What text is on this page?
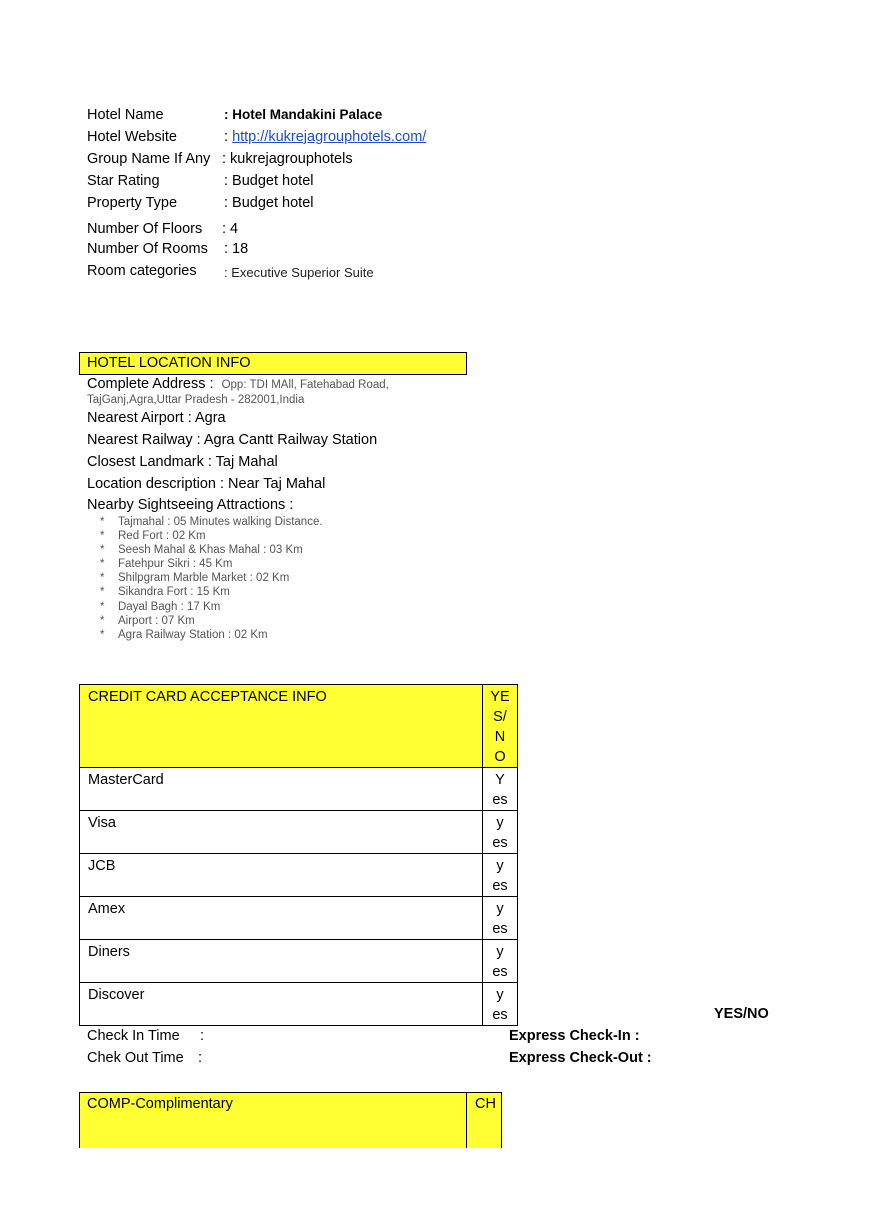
Hotel Name	: Hotel Mandakini Palace
Hotel Website	: http://kukrejagrouphotels.com/
Group Name If Any : kukrejagrouphotels
Star Rating	: Budget hotel
Property Type	: Budget hotel
Number Of Floors : 4
Number Of Rooms : 18
Room categories : Executive Superior Suite
HOTEL LOCATION INFO
Complete Address : Opp: TDI MAll, Fatehabad Road,
TajGanj,Agra,Uttar Pradesh - 282001,India
Nearest Airport : Agra
Nearest Railway : Agra Cantt Railway Station
Closest Landmark : Taj Mahal
Location description : Near Taj Mahal
Nearby Sightseeing Attractions :
* Tajmahal : 05 Minutes walking Distance.
* Red Fort : 02 Km
* Seesh Mahal & Khas Mahal : 03 Km
* Fatehpur Sikri : 45 Km
* Shilpgram Marble Market : 02 Km
* Sikandra Fort : 15 Km
* Dayal Bagh : 17 Km
* Airport : 07 Km
* Agra Railway Station : 02 Km
CREDIT CARD ACCEPTANCE INFO	YE
S/
N
O

MasterCard	Y
es

Visa	y
es

JCB	y
es

Amex	y
es

Diners	y
es

Discover	y
es	YES/NO
Check In Time :
Chek Out Time :
Express Check-In :
Express Check-Out :
COMP-Complimentary	CH
